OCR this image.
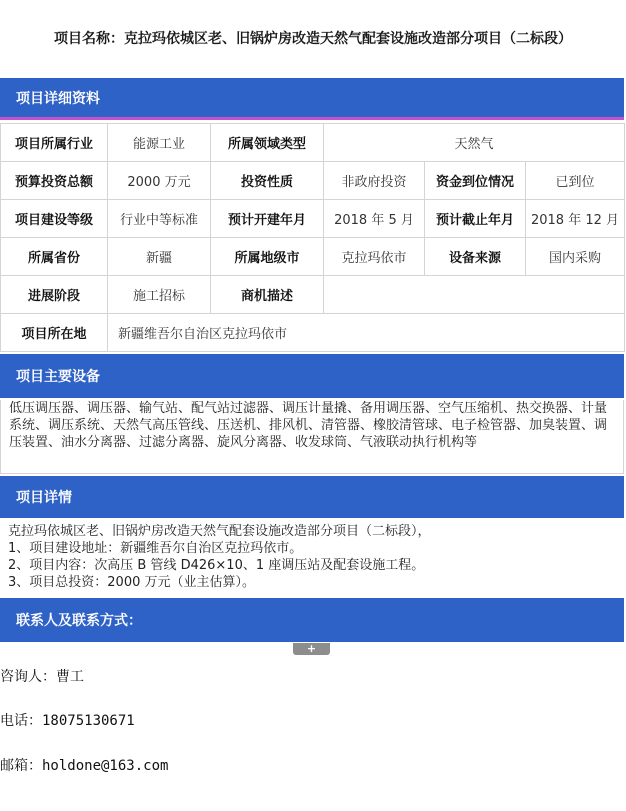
项目名称：克拉玛依城区老、旧锅炉房改造天然气配套设施改造部分项目（二标段）
项目详细资料
项目所属行业	能源工业	所属领域类型	天然气		
预算投资总额	2000 万元	投资性质	非政府投资	资金到位情况	已到位
项目建设等级	行业中等标准	预计开建年月	2018 年 5 月	预计截止年月	2018 年 12 月
所属省份	新疆	所属地级市	克拉玛依市	设备来源	国内采购
进展阶段	施工招标	商机描述			
项目所在地	新疆维吾尔自治区克拉玛依市				
项目主要设备
低压调压器、调压器、输气站、配气站过滤器、调压计量撬、备用调压器、空气压缩机、热交换器、计量系统、调压系统、天然气高压管线、压送机、排风机、清管器、橡胶清管球、电子检管器、加臭装置、调压装置、油水分离器、过滤分离器、旋风分离器、收发球筒、气液联动执行机构等
项目详情
克拉玛依城区老、旧锅炉房改造天然气配套设施改造部分项目（二标段），
1、项目建设地址：新疆维吾尔自治区克拉玛依市。
2、项目内容：次高压 B 管线 D426×10、1 座调压站及配套设施工程。
3、项目总投资：2000 万元（业主估算）。
联系人及联系方式：
+
咨询人：曹工
电话：18075130671
邮箱：holdone@163.com
